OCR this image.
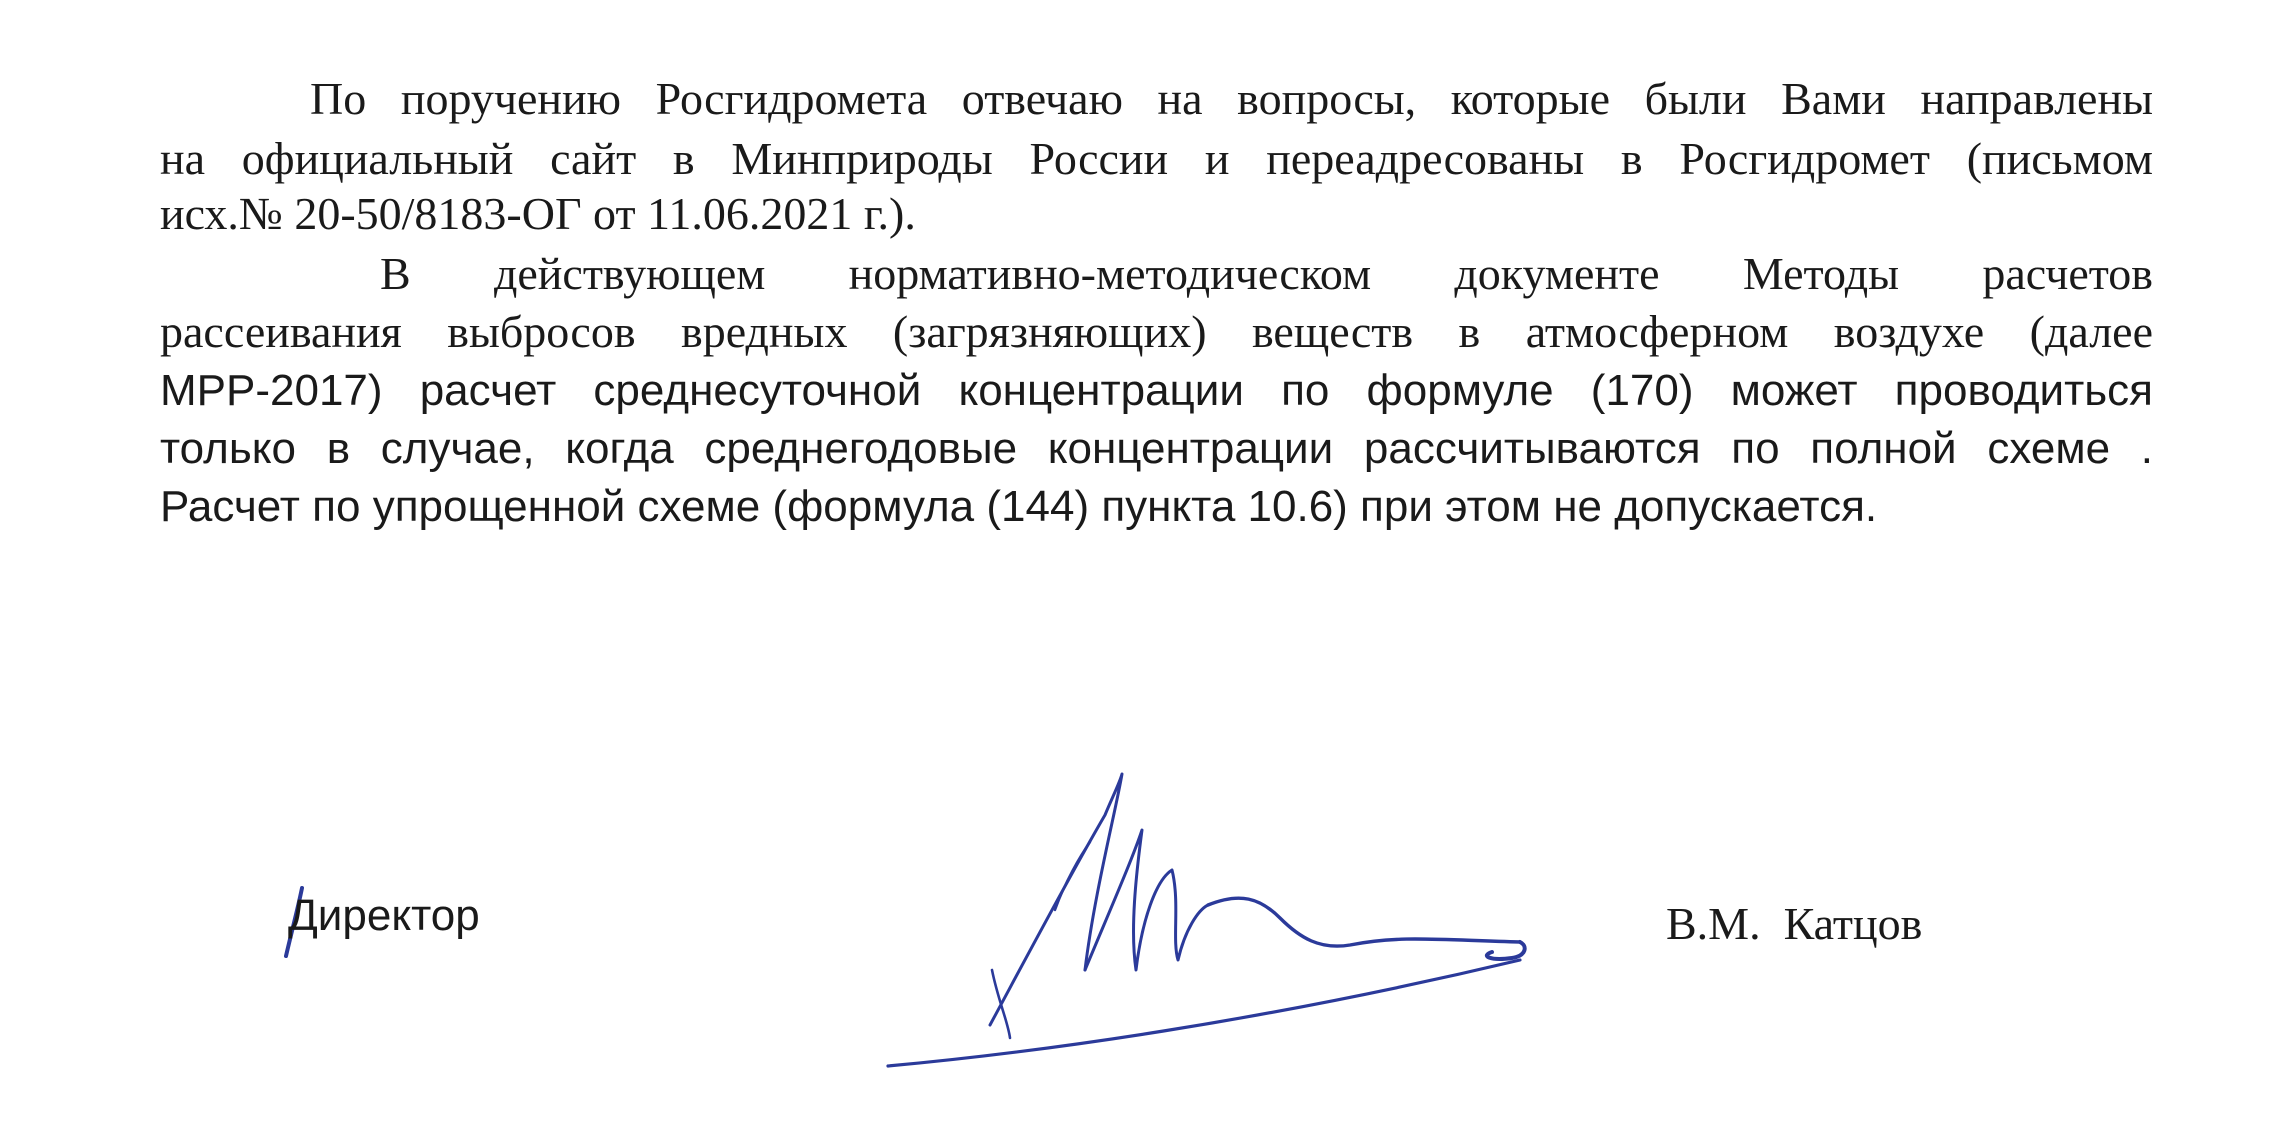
По поручению Росгидромета отвечаю на вопросы, которые были Вами направлены
на официальный сайт в Минприроды России и переадресованы в Росгидромет (письмом
исх.№ 20-50/8183-ОГ от 11.06.2021 г.).
В действующем нормативно-методическом документе Методы расчетов
рассеивания выбросов вредных (загрязняющих) веществ в атмосферном воздухе (далее
МРР-2017) расчет среднесуточной концентрации по формуле (170) может проводиться
только в случае, когда среднегодовые концентрации рассчитываются по полной схеме .
Расчет по упрощенной схеме (формула (144) пункта 10.6) при этом не допускается.
Директор	В.М.  Катцов
